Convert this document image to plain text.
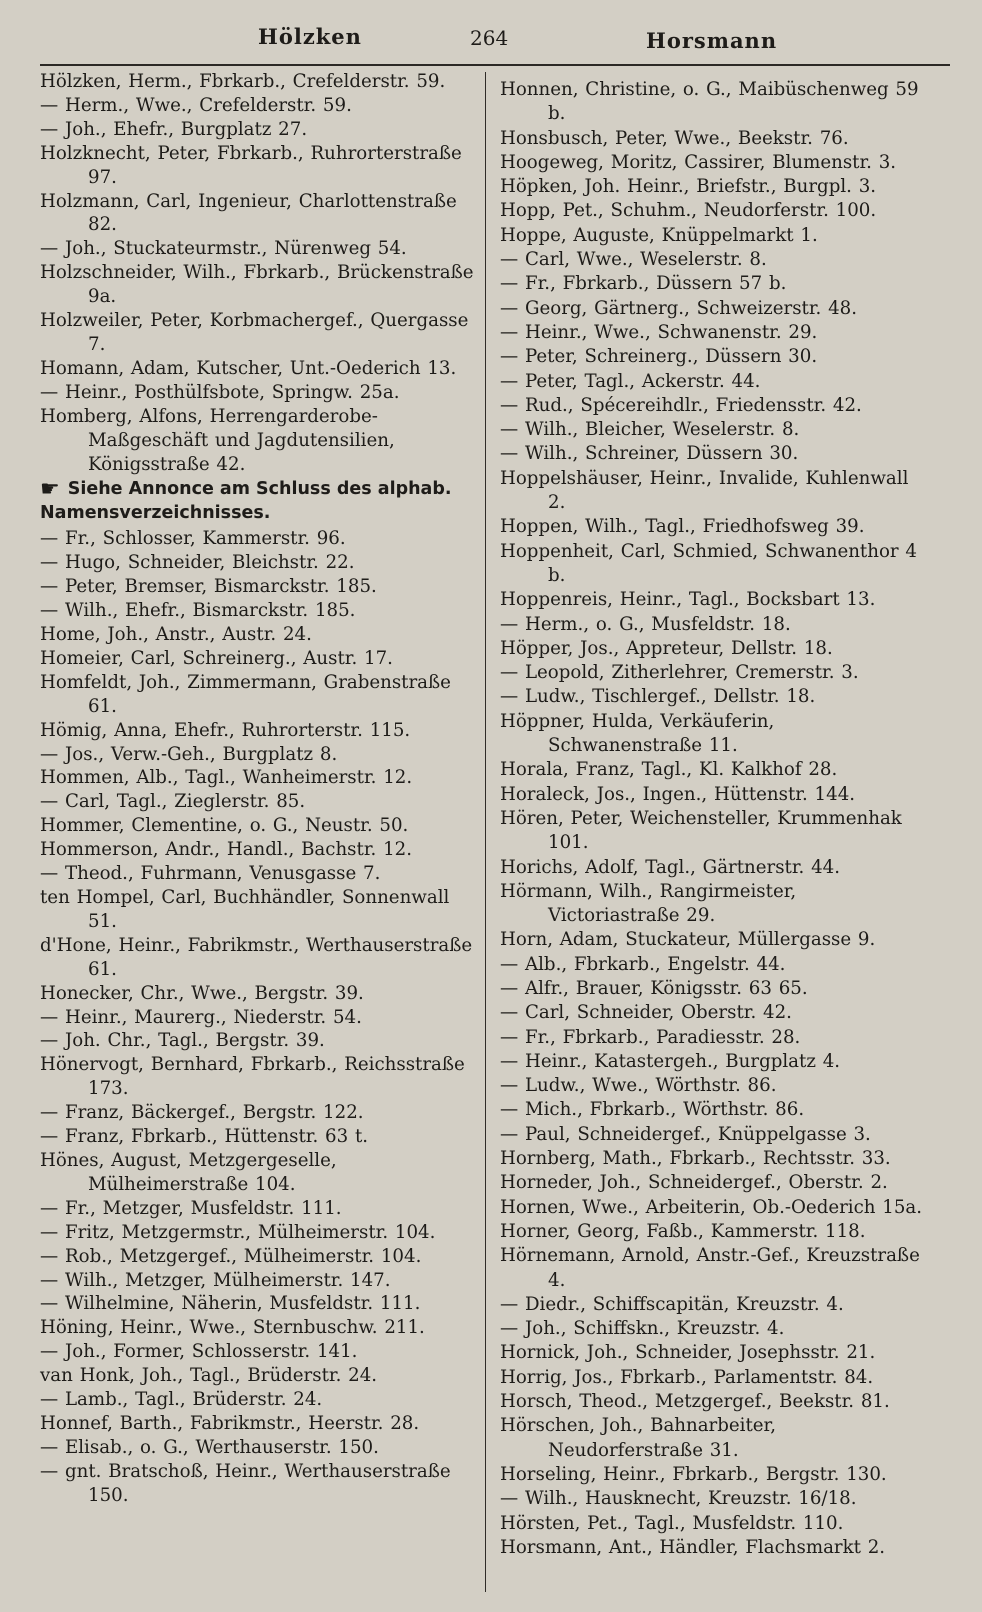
Hölzken	264	Horsmann
Hölzken, Herm., Fbrkarb., Crefelderstr. 59.
— Herm., Wwe., Crefelderstr. 59.
— Joh., Ehefr., Burgplatz 27.
Holzknecht, Peter, Fbrkarb., Ruhrorterstraße 97.
Holzmann, Carl, Ingenieur, Charlottenstraße 82.
— Joh., Stuckateurmstr., Nürenweg 54.
Holzschneider, Wilh., Fbrkarb., Brückenstraße 9a.
Holzweiler, Peter, Korbmachergef., Quergasse 7.
Homann, Adam, Kutscher, Unt.-Oederich 13.
— Heinr., Posthülfsbote, Springw. 25a.
Homberg, Alfons, Herrengarderobe-Maßgeschäft und Jagdutensilien, Königsstraße 42.
☛ Siehe Annonce am Schluss des alphab. Namensverzeichnisses.
— Fr., Schlosser, Kammerstr. 96.
— Hugo, Schneider, Bleichstr. 22.
— Peter, Bremser, Bismarckstr. 185.
— Wilh., Ehefr., Bismarckstr. 185.
Home, Joh., Anstr., Austr. 24.
Homeier, Carl, Schreinerg., Austr. 17.
Homfeldt, Joh., Zimmermann, Grabenstraße 61.
Hömig, Anna, Ehefr., Ruhrorterstr. 115.
— Jos., Verw.-Geh., Burgplatz 8.
Hommen, Alb., Tagl., Wanheimerstr. 12.
— Carl, Tagl., Zieglerstr. 85.
Hommer, Clementine, o. G., Neustr. 50.
Hommerson, Andr., Handl., Bachstr. 12.
— Theod., Fuhrmann, Venusgasse 7.
ten Hompel, Carl, Buchhändler, Sonnenwall 51.
d'Hone, Heinr., Fabrikmstr., Werthauserstraße 61.
Honecker, Chr., Wwe., Bergstr. 39.
— Heinr., Maurerg., Niederstr. 54.
— Joh. Chr., Tagl., Bergstr. 39.
Hönervogt, Bernhard, Fbrkarb., Reichsstraße 173.
— Franz, Bäckergef., Bergstr. 122.
— Franz, Fbrkarb., Hüttenstr. 63 t.
Hönes, August, Metzgergeselle, Mülheimerstraße 104.
— Fr., Metzger, Musfeldstr. 111.
— Fritz, Metzgermstr., Mülheimerstr. 104.
— Rob., Metzgergef., Mülheimerstr. 104.
— Wilh., Metzger, Mülheimerstr. 147.
— Wilhelmine, Näherin, Musfeldstr. 111.
Höning, Heinr., Wwe., Sternbuschw. 211.
— Joh., Former, Schlosserstr. 141.
van Honk, Joh., Tagl., Brüderstr. 24.
— Lamb., Tagl., Brüderstr. 24.
Honnef, Barth., Fabrikmstr., Heerstr. 28.
— Elisab., o. G., Werthauserstr. 150.
— gnt. Bratschoß, Heinr., Werthauserstraße 150.
Honnen, Christine, o. G., Maibüschenweg 59 b.
Honsbusch, Peter, Wwe., Beekstr. 76.
Hoogeweg, Moritz, Cassirer, Blumenstr. 3.
Höpken, Joh. Heinr., Briefstr., Burgpl. 3.
Hopp, Pet., Schuhm., Neudorferstr. 100.
Hoppe, Auguste, Knüppelmarkt 1.
— Carl, Wwe., Weselerstr. 8.
— Fr., Fbrkarb., Düssern 57 b.
— Georg, Gärtnerg., Schweizerstr. 48.
— Heinr., Wwe., Schwanenstr. 29.
— Peter, Schreinerg., Düssern 30.
— Peter, Tagl., Ackerstr. 44.
— Rud., Spécereihdlr., Friedensstr. 42.
— Wilh., Bleicher, Weselerstr. 8.
— Wilh., Schreiner, Düssern 30.
Hoppelshäuser, Heinr., Invalide, Kuhlenwall 2.
Hoppen, Wilh., Tagl., Friedhofsweg 39.
Hoppenheit, Carl, Schmied, Schwanenthor 4 b.
Hoppenreis, Heinr., Tagl., Bocksbart 13.
— Herm., o. G., Musfeldstr. 18.
Höpper, Jos., Appreteur, Dellstr. 18.
— Leopold, Zitherlehrer, Cremerstr. 3.
— Ludw., Tischlergef., Dellstr. 18.
Höppner, Hulda, Verkäuferin, Schwanenstraße 11.
Horala, Franz, Tagl., Kl. Kalkhof 28.
Horaleck, Jos., Ingen., Hüttenstr. 144.
Hören, Peter, Weichensteller, Krummenhak 101.
Horichs, Adolf, Tagl., Gärtnerstr. 44.
Hörmann, Wilh., Rangirmeister, Victoriastraße 29.
Horn, Adam, Stuckateur, Müllergasse 9.
— Alb., Fbrkarb., Engelstr. 44.
— Alfr., Brauer, Königsstr. 63 65.
— Carl, Schneider, Oberstr. 42.
— Fr., Fbrkarb., Paradiesstr. 28.
— Heinr., Katastergeh., Burgplatz 4.
— Ludw., Wwe., Wörthstr. 86.
— Mich., Fbrkarb., Wörthstr. 86.
— Paul, Schneidergef., Knüppelgasse 3.
Hornberg, Math., Fbrkarb., Rechtsstr. 33.
Horneder, Joh., Schneidergef., Oberstr. 2.
Hornen, Wwe., Arbeiterin, Ob.-Oederich 15a.
Horner, Georg, Faßb., Kammerstr. 118.
Hörnemann, Arnold, Anstr.-Gef., Kreuzstraße 4.
— Diedr., Schiffscapitän, Kreuzstr. 4.
— Joh., Schiffskn., Kreuzstr. 4.
Hornick, Joh., Schneider, Josephsstr. 21.
Horrig, Jos., Fbrkarb., Parlamentstr. 84.
Horsch, Theod., Metzgergef., Beekstr. 81.
Hörschen, Joh., Bahnarbeiter, Neudorferstraße 31.
Horseling, Heinr., Fbrkarb., Bergstr. 130.
— Wilh., Hausknecht, Kreuzstr. 16/18.
Hörsten, Pet., Tagl., Musfeldstr. 110.
Horsmann, Ant., Händler, Flachsmarkt 2.
